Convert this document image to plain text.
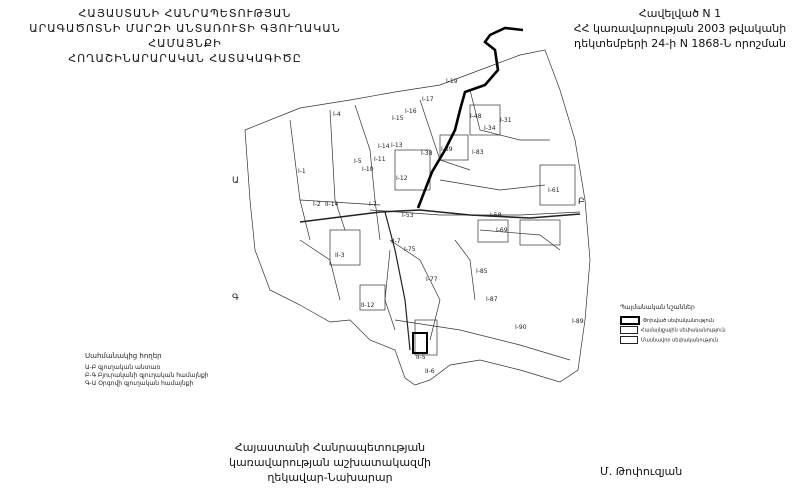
ՀԱՅԱՍՏԱՆԻ ՀԱՆՐԱՊԵՏՈՒԹՅԱՆ
ԱՐԱԳԱԾՈՏՆԻ ՄԱՐԶԻ ԱՆՏԱՌՈՒՏԻ ԳՅՈՒՂԱԿԱՆ ՀԱՄԱՅՆՔԻ
ՀՈՂԱՇԻՆԱՐԱՐԱԿԱՆ ՀԱՏԱԿԱԳԻԾԸ
Հավելված N 1
ՀՀ կառավարության 2003 թվականի
դեկտեմբերի 24-ի N 1868-Ն որոշման
Ա
Բ
Գ
I-19
I-17
I-16
I-15	I-48
I-34
I-31
I-4
I-13
I-14
I-38
I-39	I-83
I-11
I-1
I-5
I-10
I-12
I-61
I-2 II-14	I-7
I-53	I-58
I-69
II-3
II-7
I-75
I-85
II-12
I-77
I-87
I-90
I-89
II-5
II-6
Սահմանակից հողեր
Ա-Բ գյուղական անտառ
Բ-Գ Բյուրականի գյուղական համայնքի
Գ-Ա Օրգովի գյուղական համայնքի
Պայմանական նշաններ
Փոխված սեփականություն
Համայնքային սեփականություն
Մասնավոր սեփականություն
Հայաստանի Հանրապետության
կառավարության աշխատակազմի
ղեկավար-Նախարար	Մ. Թոփուզյան
